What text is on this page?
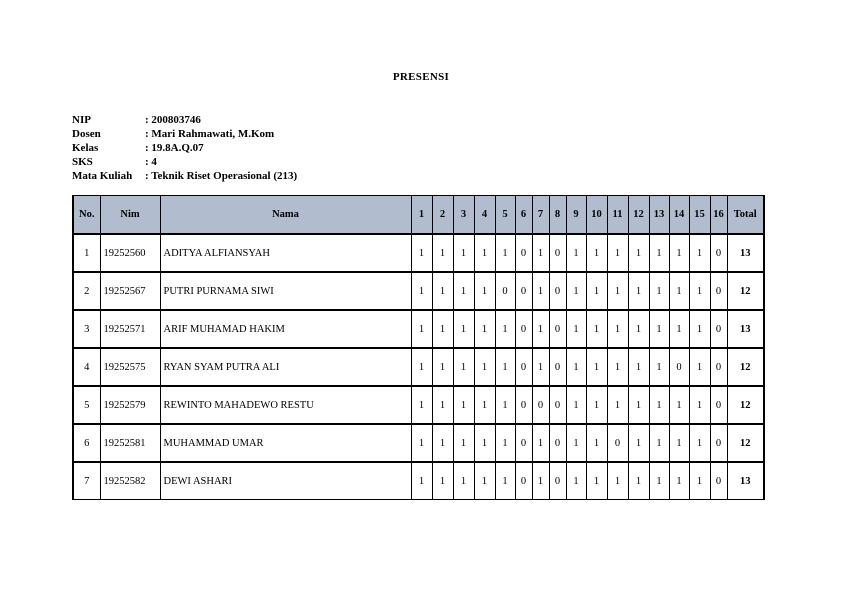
PRESENSI
NIP	: 200803746
Dosen	: Mari Rahmawati, M.Kom
Kelas	: 19.8A.Q.07
SKS	: 4
Mata Kuliah	: Teknik Riset Operasional (213)
No.	Nim	Nama	1	2	3	4	5	6	7	8	9	10	11	12	13	14	15	16	Total
1	19252560	ADITYA ALFIANSYAH	1	1	1	1	1	0	1	0	1	1	1	1	1	1	1	0	13
2	19252567	PUTRI PURNAMA SIWI	1	1	1	1	0	0	1	0	1	1	1	1	1	1	1	0	12
3	19252571	ARIF MUHAMAD HAKIM	1	1	1	1	1	0	1	0	1	1	1	1	1	1	1	0	13
4	19252575	RYAN SYAM PUTRA ALI	1	1	1	1	1	0	1	0	1	1	1	1	1	0	1	0	12
5	19252579	REWINTO MAHADEWO RESTU	1	1	1	1	1	0	0	0	1	1	1	1	1	1	1	0	12
6	19252581	MUHAMMAD UMAR	1	1	1	1	1	0	1	0	1	1	0	1	1	1	1	0	12
7	19252582	DEWI ASHARI	1	1	1	1	1	0	1	0	1	1	1	1	1	1	1	0	13
